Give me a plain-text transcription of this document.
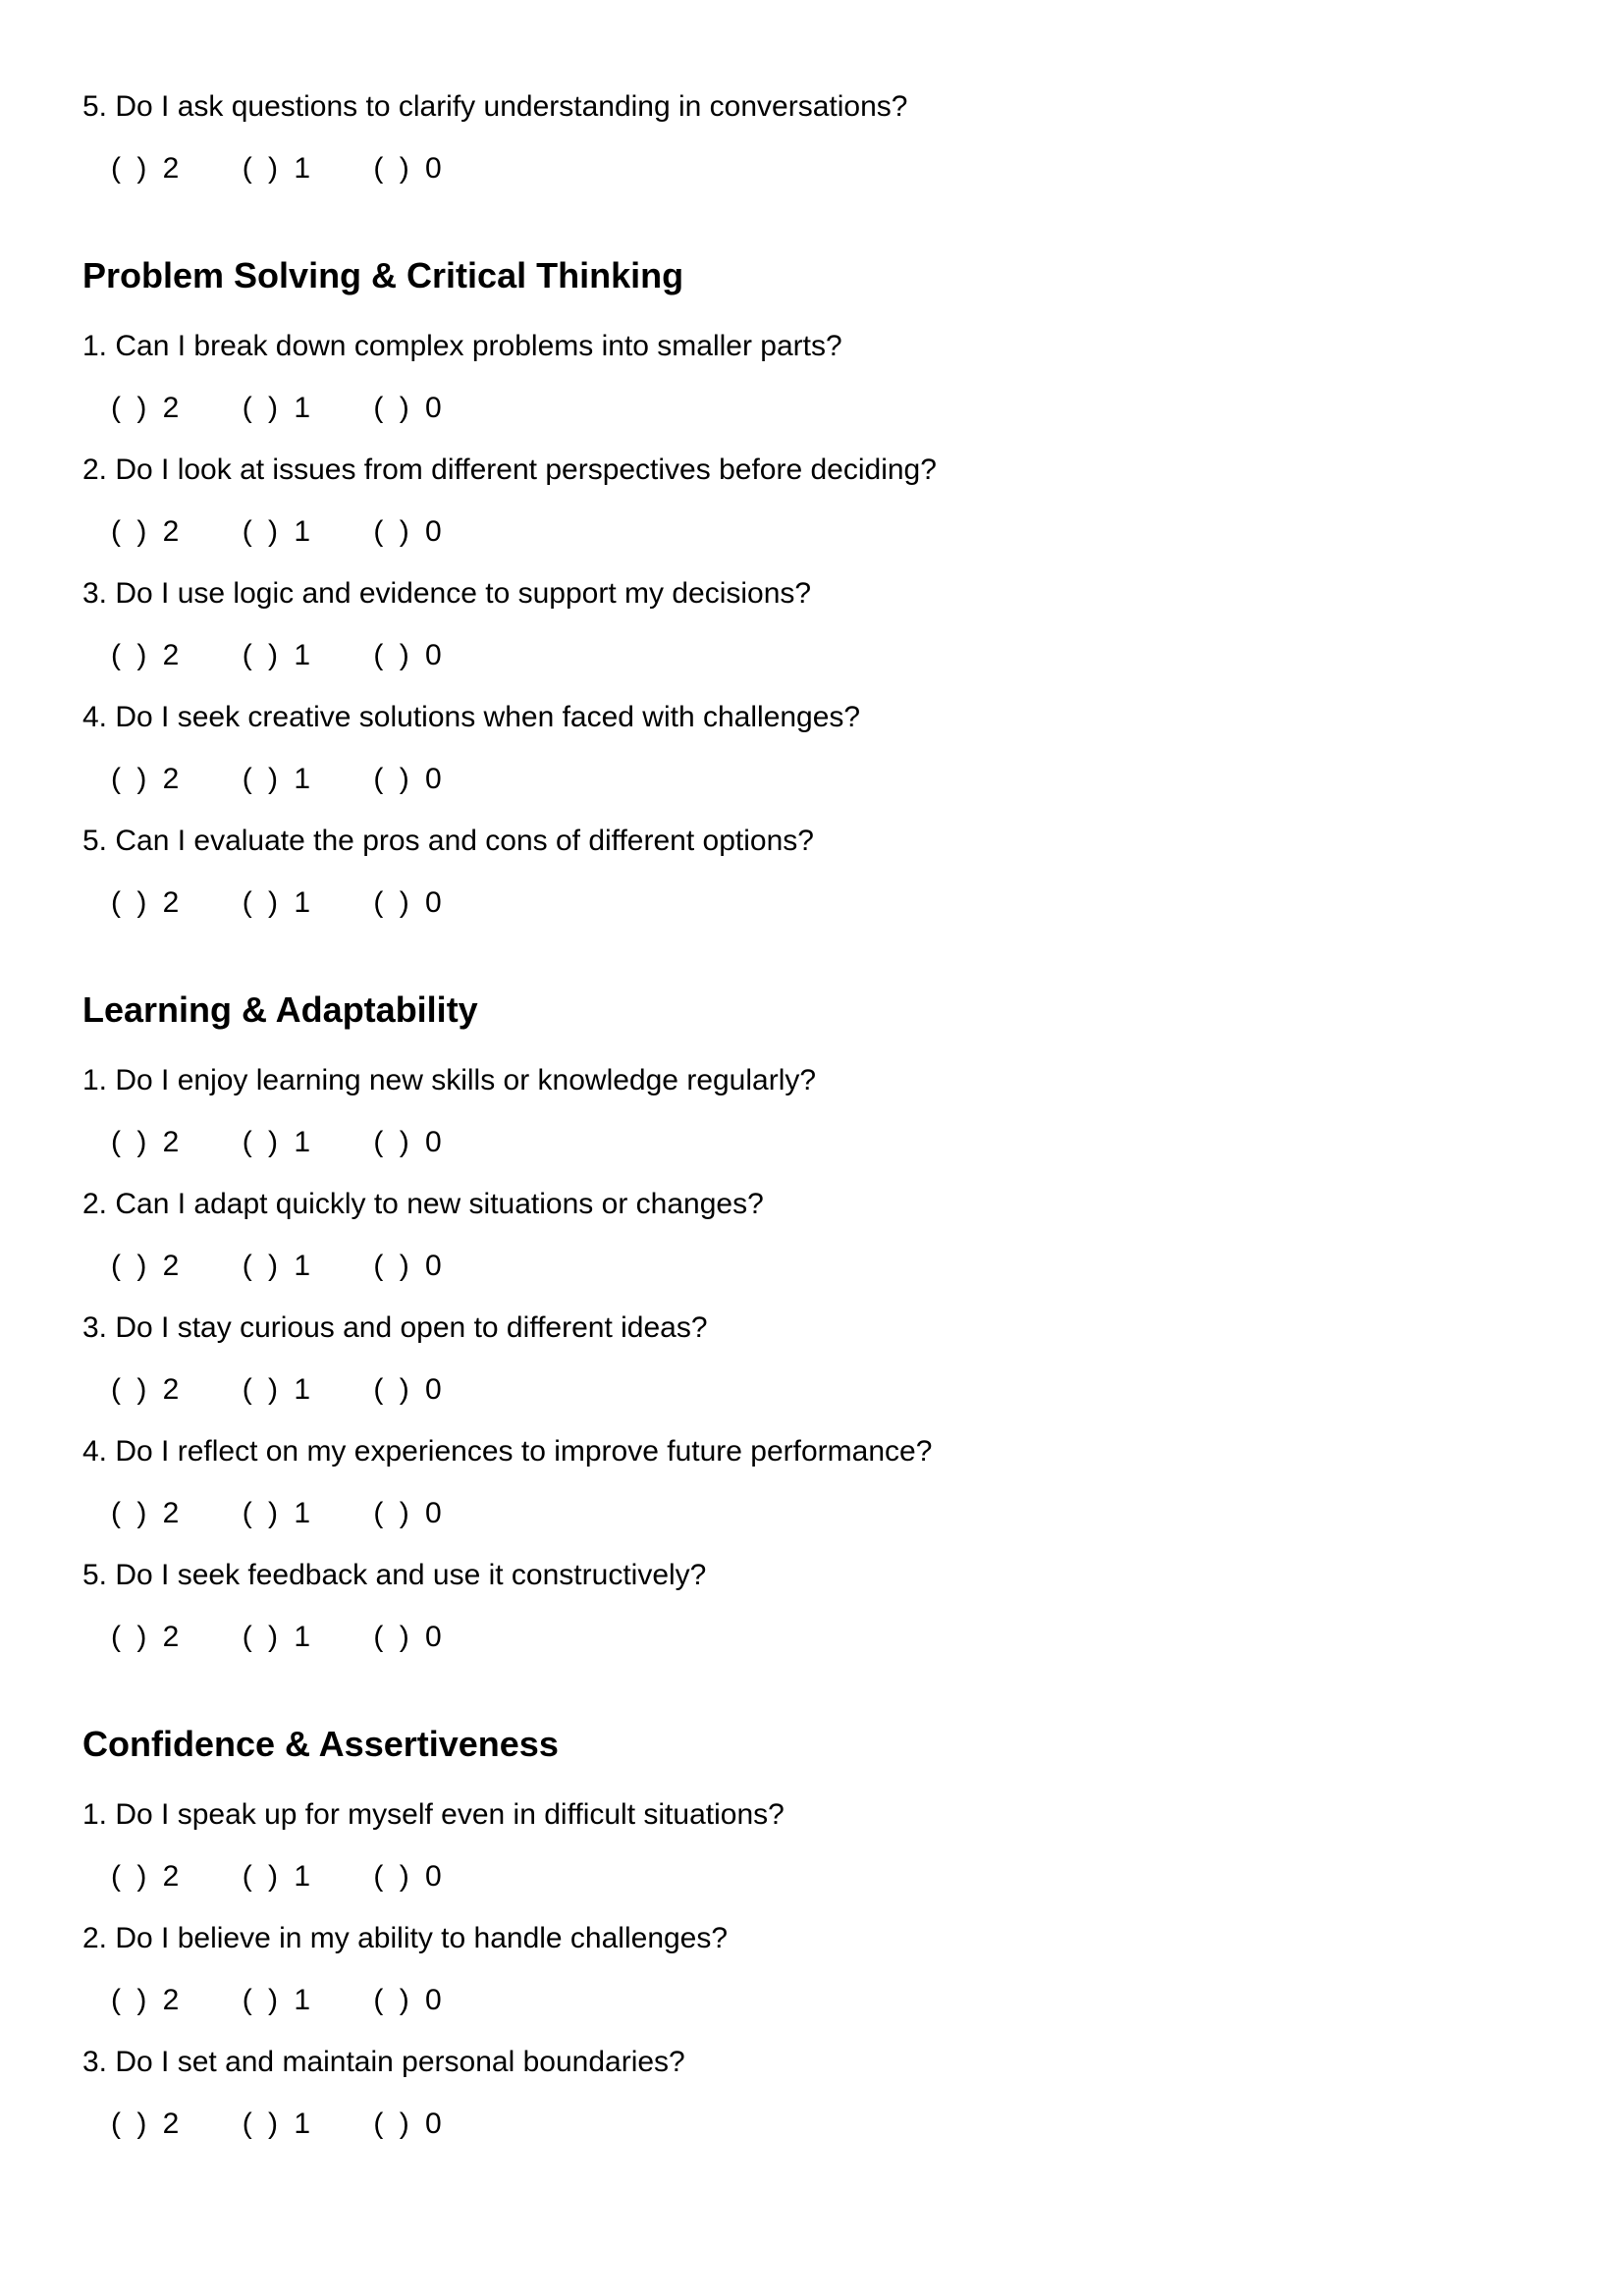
5. Do I ask questions to clarify understanding in conversations?

( ) 2 ( ) 1 ( ) 0

Problem Solving & Critical Thinking

1. Can I break down complex problems into smaller parts?

( ) 2 ( ) 1 ( ) 0

2. Do I look at issues from different perspectives before deciding?

( ) 2 ( ) 1 ( ) 0

3. Do I use logic and evidence to support my decisions?

( ) 2 ( ) 1 ( ) 0

4. Do I seek creative solutions when faced with challenges?

( ) 2 ( ) 1 ( ) 0

5. Can I evaluate the pros and cons of different options?

( ) 2 ( ) 1 ( ) 0

Learning & Adaptability

1. Do I enjoy learning new skills or knowledge regularly?

( ) 2 ( ) 1 ( ) 0

2. Can I adapt quickly to new situations or changes?

( ) 2 ( ) 1 ( ) 0

3. Do I stay curious and open to different ideas?

( ) 2 ( ) 1 ( ) 0

4. Do I reflect on my experiences to improve future performance?

( ) 2 ( ) 1 ( ) 0

5. Do I seek feedback and use it constructively?

( ) 2 ( ) 1 ( ) 0

Confidence & Assertiveness

1. Do I speak up for myself even in difficult situations?

( ) 2 ( ) 1 ( ) 0

2. Do I believe in my ability to handle challenges?

( ) 2 ( ) 1 ( ) 0

3. Do I set and maintain personal boundaries?

( ) 2 ( ) 1 ( ) 0
